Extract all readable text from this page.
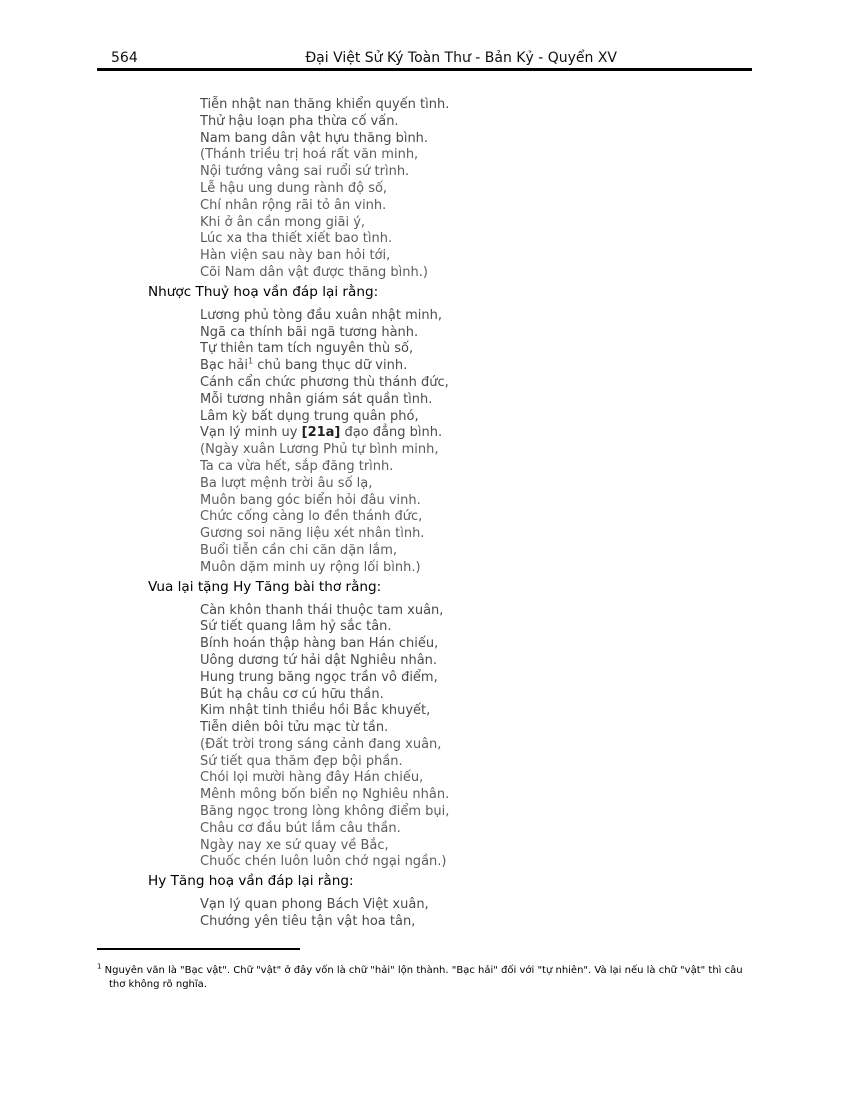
564	Đại Việt Sử Ký Toàn Thư - Bản Kỷ - Quyển XV
Tiễn nhật nan thăng khiển quyến tình.
Thử hậu loạn pha thừa cố vấn.
Nam bang dân vật hựu thăng bình.
(Thánh triều trị hoá rất văn minh,
Nội tướng vâng sai ruổi sứ trình.
Lễ hậu ung dung rành độ số,
Chí nhân rộng rãi tỏ ân vinh.
Khi ở ân cần mong giãi ý,
Lúc xa tha thiết xiết bao tình.
Hàn viện sau này ban hỏi tới,
Cõi Nam dân vật được thăng bình.)
Nhược Thuỷ hoạ vần đáp lại rằng:
Lương phủ tòng đầu xuân nhật minh,
Ngã ca thính bãi ngã tương hành.
Tự thiên tam tích nguyên thù số,
Bạc hải$^1$ chủ bang thục dữ vinh.
Cánh cẩn chức phương thù thánh đức,
Mỗi tương nhân giám sát quần tình.
Lâm kỳ bất dụng trung quân phó,
Vạn lý minh uy [21a] đạo đẳng bình.
(Ngày xuân Lương Phủ tự bình minh,
Ta ca vừa hết, sắp đăng trình.
Ba lượt mệnh trời âu số lạ,
Muôn bang góc biển hỏi đâu vinh.
Chức cống càng lo đền thánh đức,
Gương soi năng liệu xét nhân tình.
Buổi tiễn cần chi căn dặn lắm,
Muôn dặm minh uy rộng lối bình.)
Vua lại tặng Hy Tăng bài thơ rằng:
Càn khôn thanh thái thuộc tam xuân,
Sứ tiết quang lâm hỷ sắc tân.
Bính hoán thập hàng ban Hán chiếu,
Uông dương tứ hải dật Nghiêu nhân.
Hung trung băng ngọc trần vô điểm,
Bút hạ châu cơ cú hữu thần.
Kim nhật tinh thiều hồi Bắc khuyết,
Tiễn diên bôi tửu mạc từ tần.
(Đất trời trong sáng cảnh đang xuân,
Sứ tiết qua thăm đẹp bội phần.
Chói lọi mười hàng đây Hán chiếu,
Mênh mông bốn biển nọ Nghiêu nhân.
Băng ngọc trong lòng không điểm bụi,
Châu cơ đầu bút lắm câu thần.
Ngày nay xe sứ quay về Bắc,
Chuốc chén luôn luôn chớ ngại ngần.)
Hy Tăng hoạ vần đáp lại rằng:
Vạn lý quan phong Bách Việt xuân,
Chướng yên tiêu tận vật hoa tân,
$^1$ Nguyên văn là "Bạc vật". Chữ "vật" ở đây vốn là chữ "hải" lộn thành. "Bạc hải" đối với "tự nhiên". Và lại nếu là chữ "vật" thì câu
thơ không rõ nghĩa.
